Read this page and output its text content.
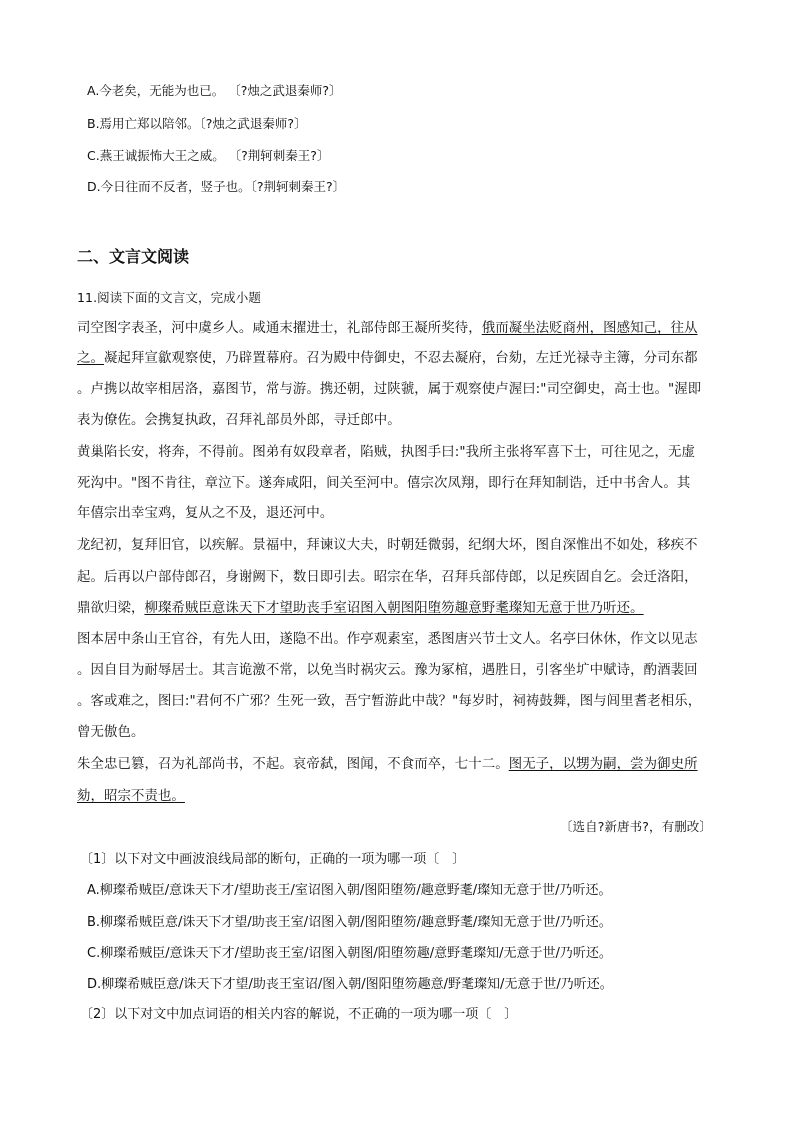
A.今老矣，无能为也已。 〔?烛之武退秦师?〕
B.焉用亡郑以陪邻。〔?烛之武退秦师?〕
C.燕王诚振怖大王之威。 〔?荆轲刺秦王?〕
D.今日往而不反者，竖子也。〔?荆轲刺秦王?〕
二、文言文阅读
11.阅读下面的文言文，完成小题
司空图字表圣，河中虞乡人。咸通末擢进士，礼部侍郎王凝所奖待，俄而凝坐法贬商州，图感知己，往从
之。凝起拜宣歙观察使，乃辟置幕府。召为殿中侍御史，不忍去凝府，台劾，左迁光禄寺主簿，分司东都
。卢携以故宰相居洛，嘉图节，常与游。携还朝，过陕虢，属于观察使卢渥曰:"司空御史，高士也。"渥即
表为僚佐。会携复执政，召拜礼部员外郎，寻迁郎中。
黄巢陷长安，将奔，不得前。图弟有奴段章者，陷贼，执图手曰:"我所主张将军喜下士，可往见之，无虚
死沟中。"图不肯往，章泣下。遂奔咸阳，间关至河中。僖宗次凤翔，即行在拜知制诰，迁中书舍人。其
年僖宗出幸宝鸡，复从之不及，退还河中。
龙纪初，复拜旧官，以疾解。景福中，拜谏议大夫，时朝廷微弱，纪纲大坏，图自深惟出不如处，移疾不
起。后再以户部侍郎召，身谢阙下，数日即引去。昭宗在华，召拜兵部侍郎，以足疾固自乞。会迁洛阳，
鼎欲归梁，柳璨希贼臣意诛天下才望助丧手室诏图入朝图阳堕笏趣意野耄璨知无意于世乃听还。
图本居中条山王官谷，有先人田，遂隐不出。作亭观素室，悉图唐兴节士文人。名亭曰休休，作文以见志
。因自目为耐辱居士。其言诡激不常，以免当时祸灾云。豫为冢棺，遇胜日，引客坐圹中赋诗，酌酒裴回
。客或难之，图曰:"君何不广邪？生死一致，吾宁暂游此中哉？"每岁时，祠祷鼓舞，图与闾里耆老相乐，
曾无傲色。
朱全忠已篡，召为礼部尚书，不起。哀帝弑，图闻，不食而卒，七十二。图无子，以甥为嗣，尝为御史所
劾，昭宗不责也。
〔选自?新唐书?，有删改〕
〔1〕以下对文中画波浪线局部的断句，正确的一项为哪一项〔　〕
A.柳璨希贼臣/意诛天下才/望助丧王/室诏图入朝/图阳堕笏/趣意野耄/璨知无意于世/乃听还。
B.柳璨希贼臣意/诛天下才望/助丧王室/诏图入朝/图阳堕笏/趣意野耄/璨知无意于世/乃听还。
C.柳璨希贼臣/意诛天下才/望助丧王室/诏图入朝图/阳堕笏趣/意野耄璨知/无意于世/乃听还。
D.柳璨希贼臣意/诛天下才望/助丧王室诏/图入朝/图阳堕笏趣意/野耄璨知/无意于世/乃听还。
〔2〕以下对文中加点词语的相关内容的解说，不正确的一项为哪一项〔　〕
